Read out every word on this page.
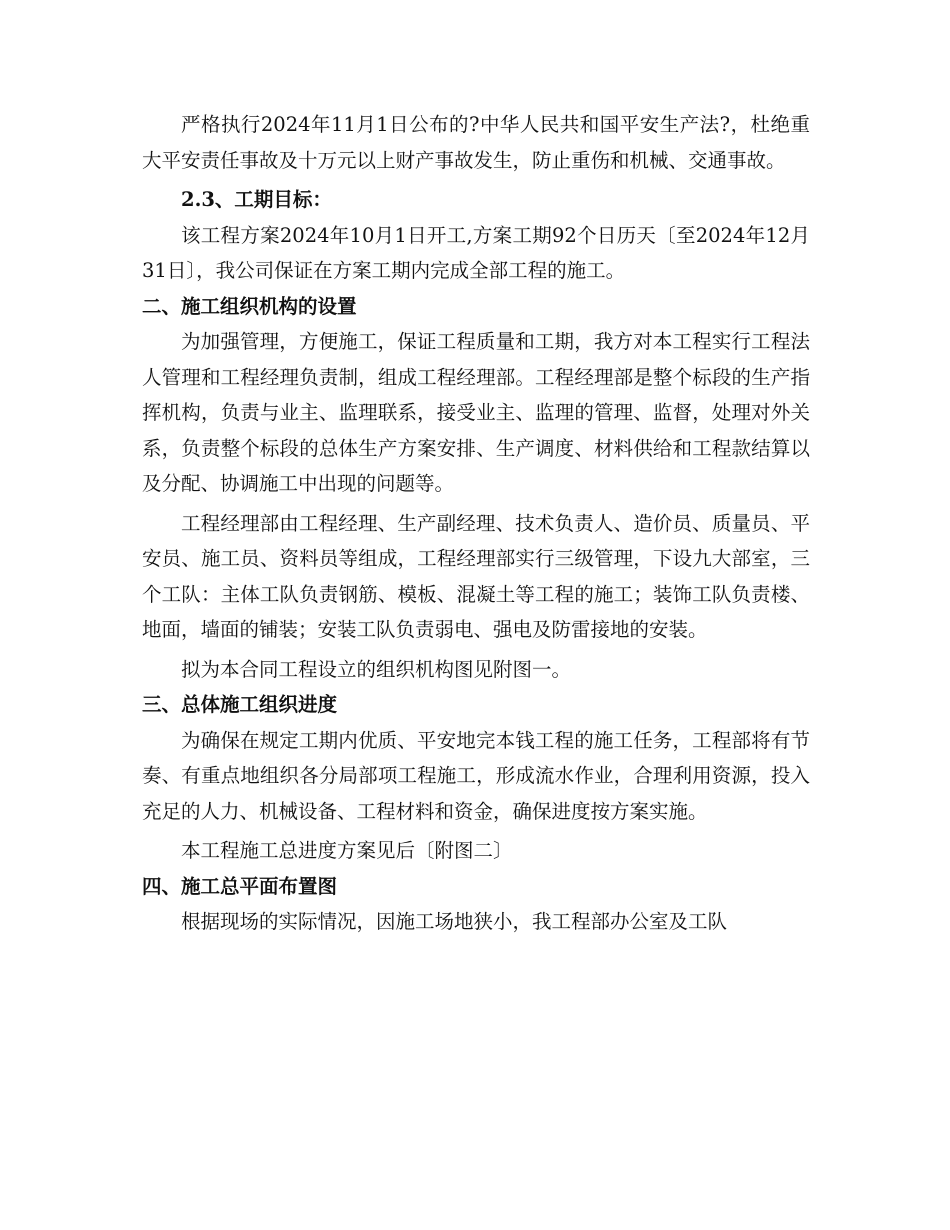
严格执行2024年11月1日公布的?中华人民共和国平安生产法?，杜绝重大平安责任事故及十万元以上财产事故发生，防止重伤和机械、交通事故。

2.3、工期目标：

该工程方案2024年10月1日开工,方案工期92个日历天〔至2024年12月31日〕，我公司保证在方案工期内完成全部工程的施工。

二、施工组织机构的设置

为加强管理，方便施工，保证工程质量和工期，我方对本工程实行工程法人管理和工程经理负责制，组成工程经理部。工程经理部是整个标段的生产指挥机构，负责与业主、监理联系，接受业主、监理的管理、监督，处理对外关系，负责整个标段的总体生产方案安排、生产调度、材料供给和工程款结算以及分配、协调施工中出现的问题等。

工程经理部由工程经理、生产副经理、技术负责人、造价员、质量员、平安员、施工员、资料员等组成，工程经理部实行三级管理，下设九大部室，三个工队：主体工队负责钢筋、模板、混凝土等工程的施工；装饰工队负责楼、地面，墙面的铺装；安装工队负责弱电、强电及防雷接地的安装。

拟为本合同工程设立的组织机构图见附图一。

三、总体施工组织进度

为确保在规定工期内优质、平安地完本钱工程的施工任务，工程部将有节奏、有重点地组织各分局部项工程施工，形成流水作业，合理利用资源，投入充足的人力、机械设备、工程材料和资金，确保进度按方案实施。

本工程施工总进度方案见后〔附图二〕

四、施工总平面布置图

根据现场的实际情况，因施工场地狭小，我工程部办公室及工队
